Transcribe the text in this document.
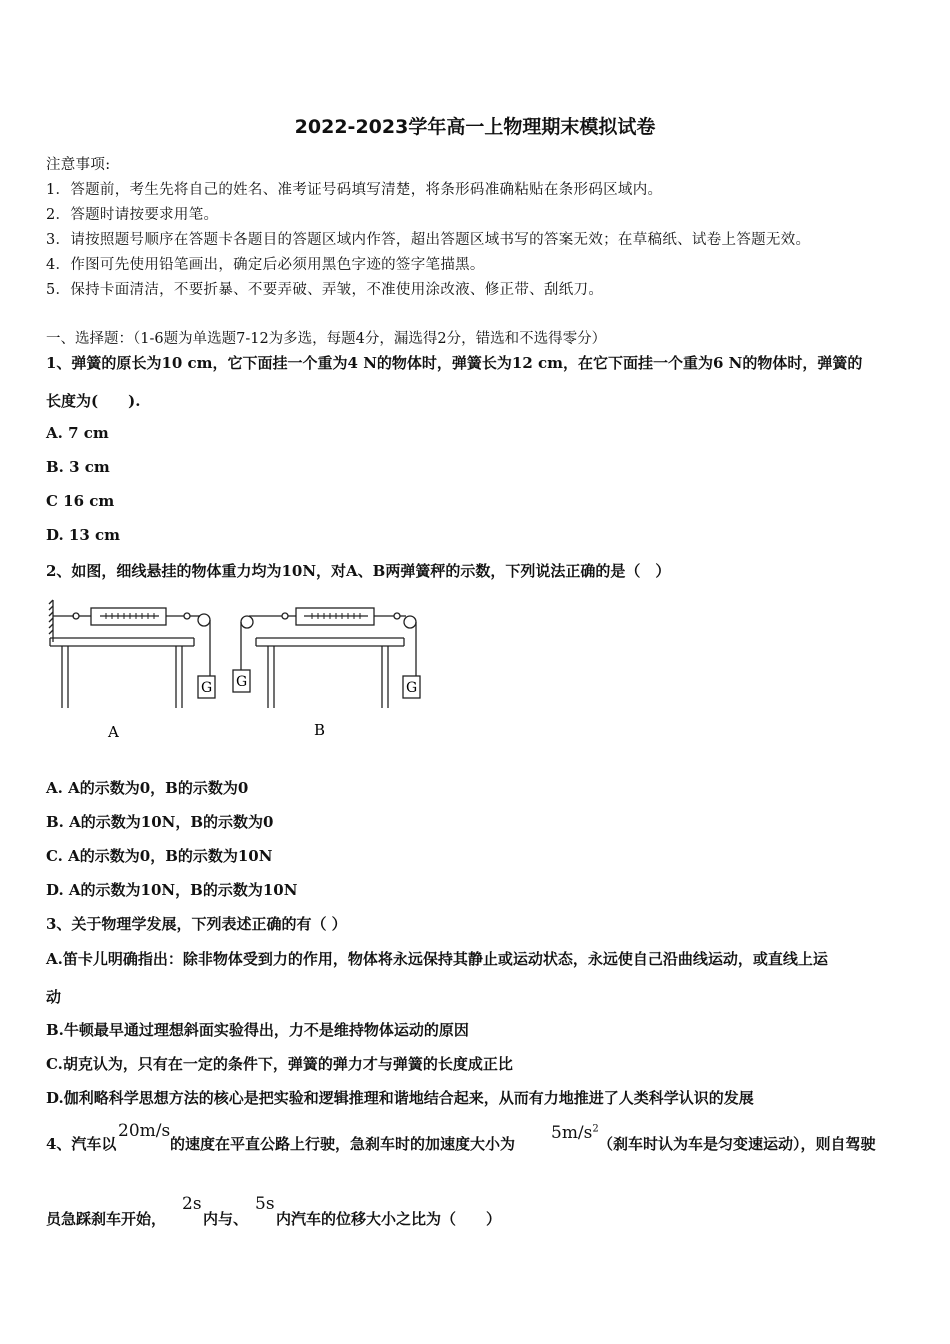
2022-2023学年高一上物理期末模拟试卷
注意事项:
1．答题前，考生先将自己的姓名、准考证号码填写清楚，将条形码准确粘贴在条形码区域内。
2．答题时请按要求用笔。
3．请按照题号顺序在答题卡各题目的答题区域内作答，超出答题区域书写的答案无效；在草稿纸、试卷上答题无效。
4．作图可先使用铅笔画出，确定后必须用黑色字迹的签字笔描黑。
5．保持卡面清洁，不要折暴、不要弄破、弄皱，不准使用涂改液、修正带、刮纸刀。
一、选择题：（1-6题为单选题7-12为多选，每题4分，漏选得2分，错选和不选得零分）
1、弹簧的原长为10 cm，它下面挂一个重为4 N的物体时，弹簧长为12 cm，在它下面挂一个重为6 N的物体时，弹簧的
长度为(　　).
A. 7 cm
B. 3 cm
C 16 cm
D. 13 cm
2、如图，细线悬挂的物体重力均为10N，对A、B两弹簧秤的示数，下列说法正确的是（　）
G
A
G	G
B
A. A的示数为0，B的示数为0
B. A的示数为10N，B的示数为0
C. A的示数为0，B的示数为10N
D. A的示数为10N，B的示数为10N
3、关于物理学发展，下列表述正确的有（ ）
A.笛卡儿明确指出：除非物体受到力的作用，物体将永远保持其静止或运动状态，永远使自己沿曲线运动，或直线上运
动
B.牛顿最早通过理想斜面实验得出，力不是维持物体运动的原因
C.胡克认为，只有在一定的条件下，弹簧的弹力才与弹簧的长度成正比
D.伽利略科学思想方法的核心是把实验和逻辑推理和谐地结合起来，从而有力地推进了人类科学认识的发展
4、汽车以
20m/s
的速度在平直公路上行驶，急刹车时的加速度大小为
$5m/s^2$
（刹车时认为车是匀变速运动），则自驾驶
员急踩刹车开始，
2s
内与、
5s
内汽车的位移大小之比为（　　）
